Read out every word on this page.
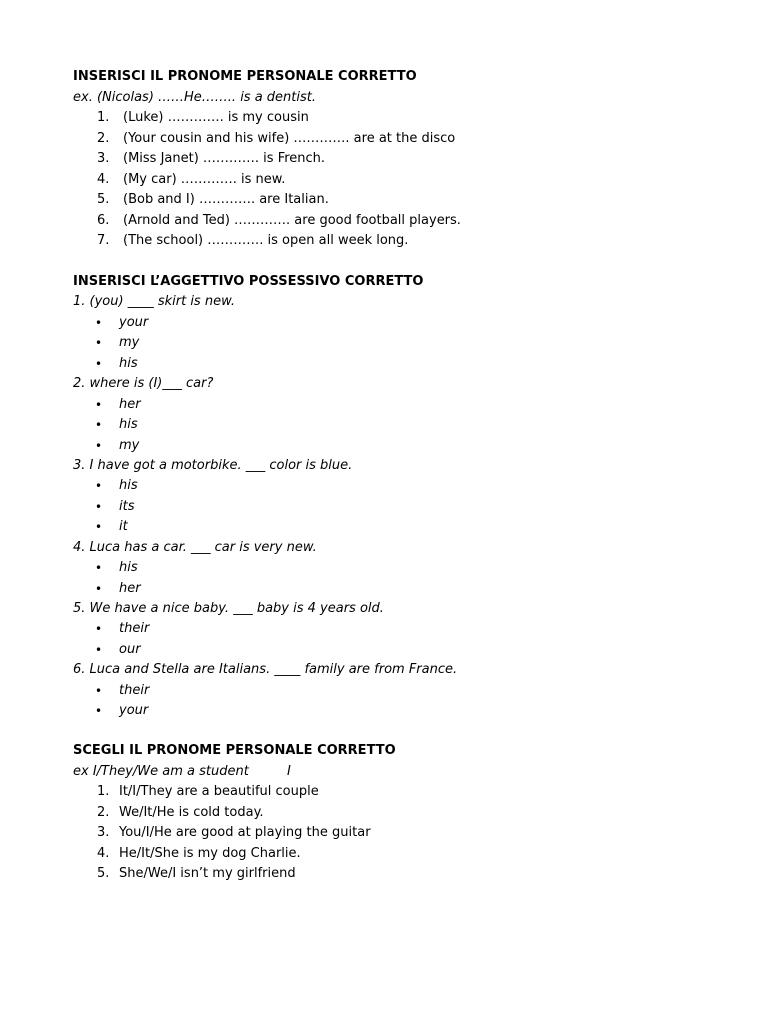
INSERISCI IL PRONOME PERSONALE CORRETTO
ex. (Nicolas) ……He…….. is a dentist.
1. (Luke) …………. is my cousin
2. (Your cousin and his wife) …………. are at the disco
3. (Miss Janet) …………. is French.
4. (My car) …………. is new.
5. (Bob and I) …………. are Italian.
6. (Arnold and Ted) …………. are good football players.
7. (The school) …………. is open all week long.
INSERISCI L’AGGETTIVO POSSESSIVO CORRETTO
1. (you) ____ skirt is new.
• your
• my
• his
2. where is (I)___ car?
• her
• his
• my
3. I have got a motorbike. ___ color is blue.
• his
• its
• it
4. Luca has a car. ___ car is very new.
• his
• her
5. We have a nice baby. ___ baby is 4 years old.
• their
• our
6. Luca and Stella are Italians. ____ family are from France.
• their
• your
SCEGLI IL PRONOME PERSONALE CORRETTO
ex I/They/We am a student	I
1. It/I/They are a beautiful couple
2. We/It/He is cold today.
3. You/I/He are good at playing the guitar
4. He/It/She is my dog Charlie.
5. She/We/I isn’t my girlfriend
